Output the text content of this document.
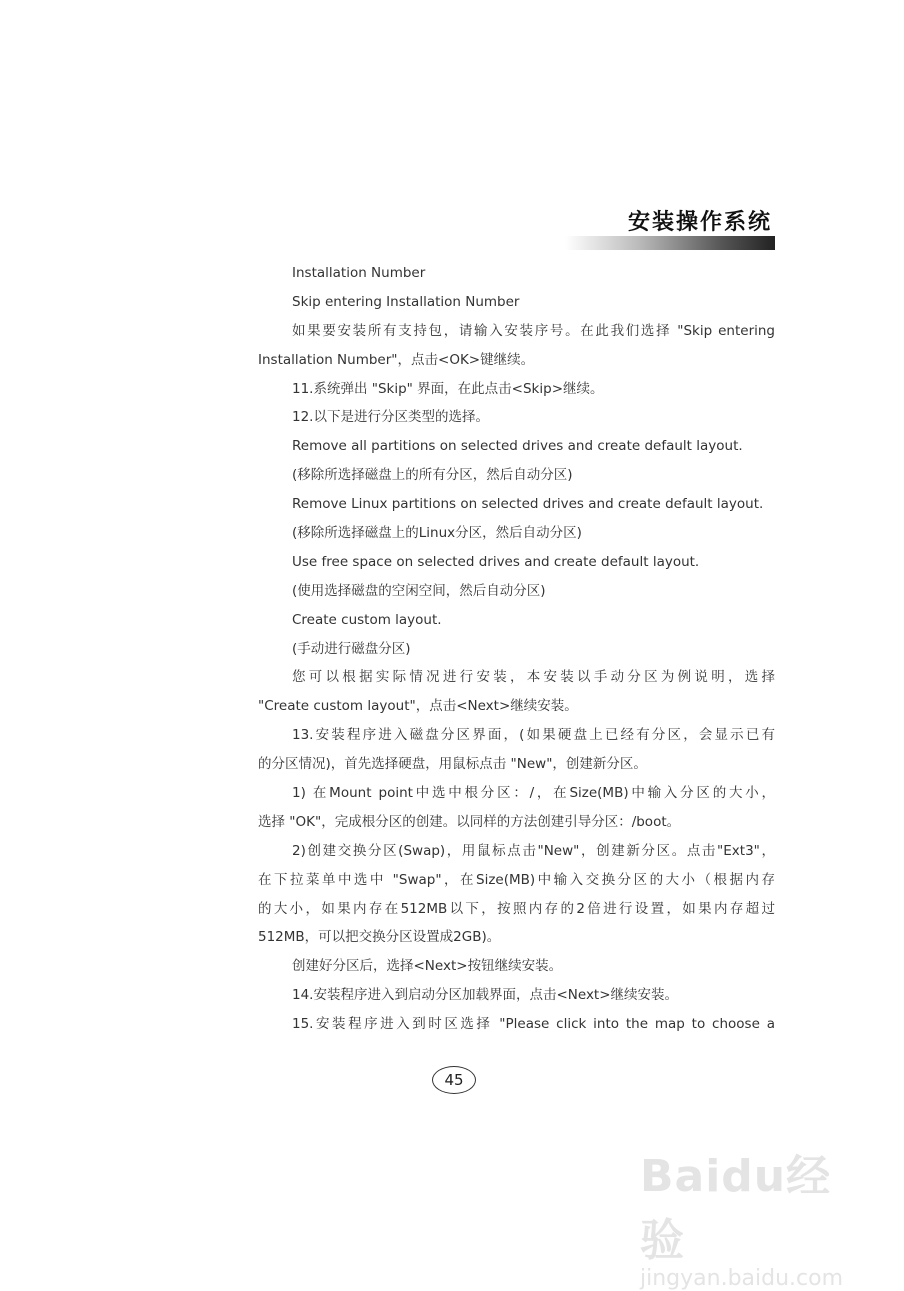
安装操作系统
Installation Number
Skip entering Installation Number
如果要安装所有支持包，请输入安装序号。在此我们选择 "Skip entering
Installation Number"，点击<OK>键继续。
11.系统弹出 "Skip" 界面，在此点击<Skip>继续。
12.以下是进行分区类型的选择。
Remove all partitions on selected drives and create default layout.
(移除所选择磁盘上的所有分区，然后自动分区)
Remove Linux partitions on selected drives and create default layout.
(移除所选择磁盘上的Linux分区，然后自动分区)
Use free space on selected drives and create default layout.
(使用选择磁盘的空闲空间，然后自动分区)
Create custom layout.
(手动进行磁盘分区)
您可以根据实际情况进行安装，本安装以手动分区为例说明，选择
"Create custom layout"，点击<Next>继续安装。
13.安装程序进入磁盘分区界面，(如果硬盘上已经有分区，会显示已有
的分区情况)，首先选择硬盘，用鼠标点击 "New"，创建新分区。
1) 在Mount point中选中根分区：/，在Size(MB)中输入分区的大小，
选择 "OK"，完成根分区的创建。以同样的方法创建引导分区：/boot。
2)创建交换分区(Swap)，用鼠标点击"New"，创建新分区。点击"Ext3"，
在下拉菜单中选中 "Swap"，在Size(MB)中输入交换分区的大小（根据内存
的大小，如果内存在512MB以下，按照内存的2倍进行设置，如果内存超过
512MB，可以把交换分区设置成2GB)。
创建好分区后，选择<Next>按钮继续安装。
14.安装程序进入到启动分区加载界面，点击<Next>继续安装。
15.安装程序进入到时区选择 "Please click into the map to choose a
45
Baidu经验
jingyan.baidu.com
